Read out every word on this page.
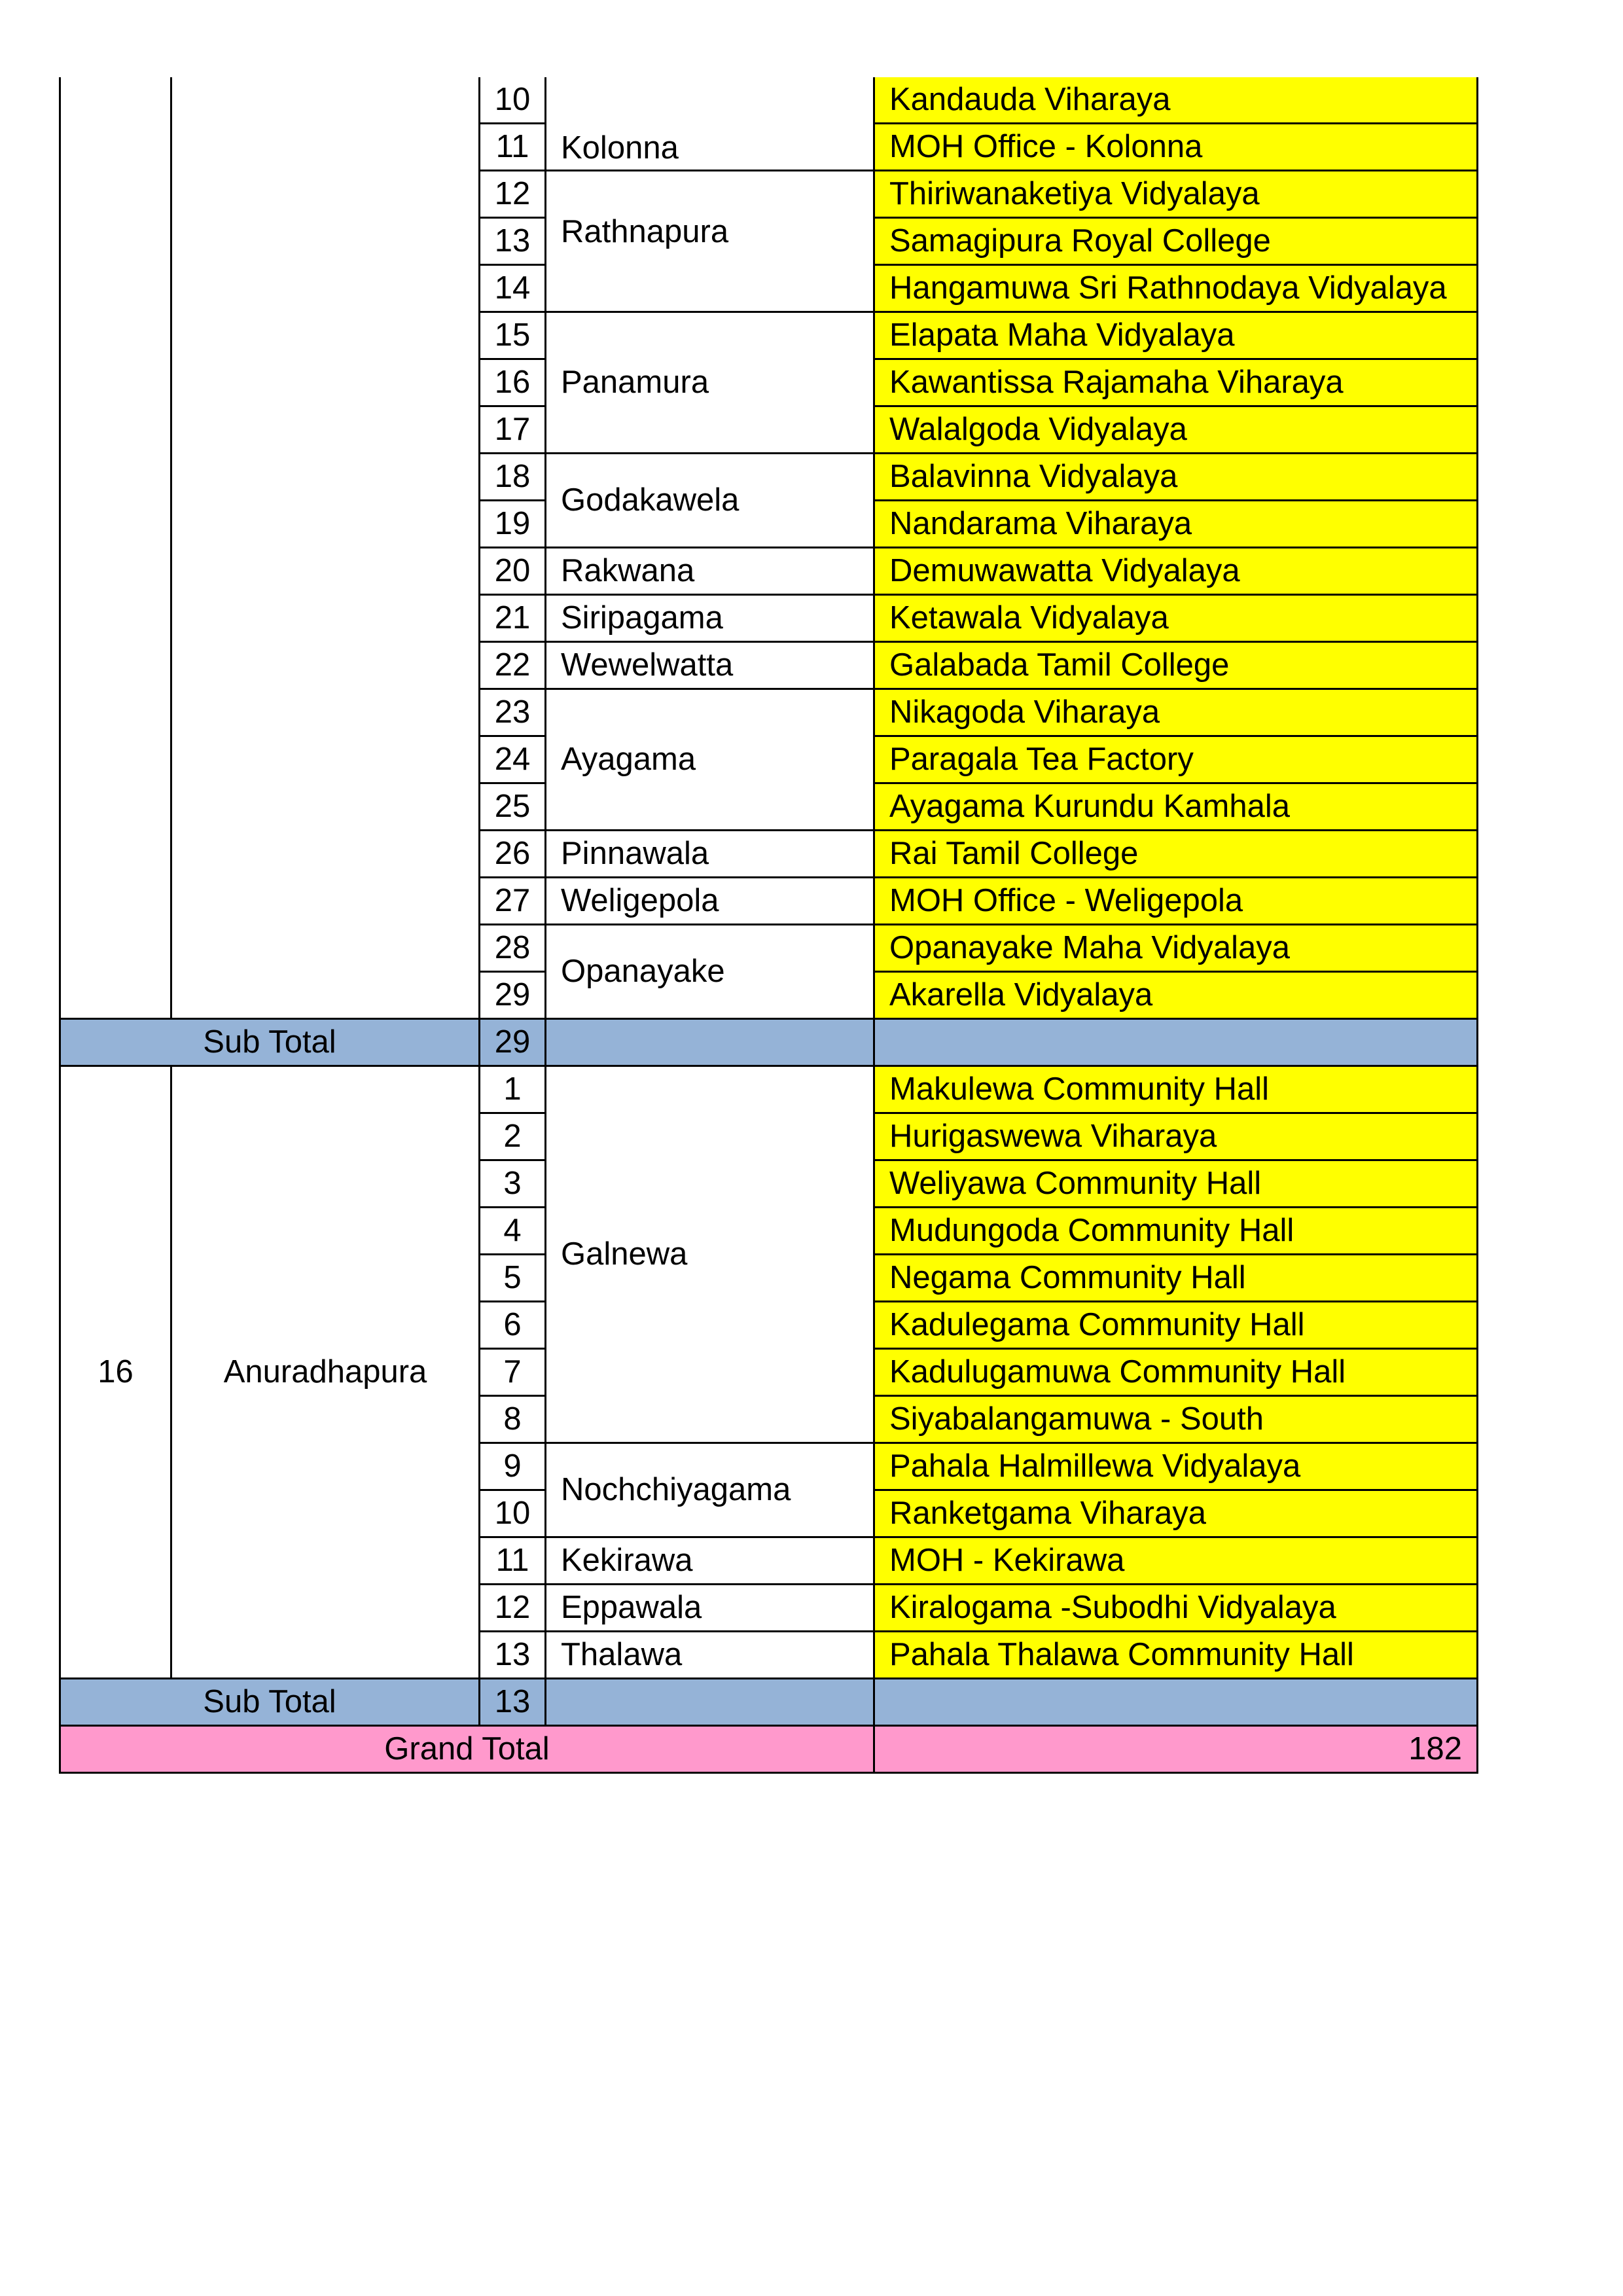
		10	Kolonna	Kandauda Viharaya
		11		MOH Office - Kolonna
		12	Rathnapura	Thiriwanaketiya Vidyalaya
		13		Samagipura Royal College
		14		Hangamuwa Sri Rathnodaya Vidyalaya
		15	Panamura	Elapata Maha Vidyalaya
		16		Kawantissa Rajamaha Viharaya
		17		Walalgoda Vidyalaya
		18	Godakawela	Balavinna Vidyalaya
		19		Nandarama Viharaya
		20	Rakwana	Demuwawatta Vidyalaya
		21	Siripagama	Ketawala Vidyalaya
		22	Wewelwatta	Galabada Tamil College
		23	Ayagama	Nikagoda Viharaya
		24		Paragala Tea Factory
		25		Ayagama Kurundu Kamhala
		26	Pinnawala	Rai Tamil College
		27	Weligepola	MOH Office - Weligepola
		28	Opanayake	Opanayake Maha Vidyalaya
		29		Akarella Vidyalaya
Sub Total		29		
16	Anuradhapura	1	Galnewa	Makulewa Community Hall
		2		Hurigaswewa Viharaya
		3		Weliyawa Community Hall
		4		Mudungoda Community Hall
		5		Negama Community Hall
		6		Kadulegama Community Hall
		7		Kadulugamuwa Community Hall
		8		Siyabalangamuwa - South
		9	Nochchiyagama	Pahala Halmillewa Vidyalaya
		10		Ranketgama Viharaya
		11	Kekirawa	MOH - Kekirawa
		12	Eppawala	Kiralogama -Subodhi Vidyalaya
		13	Thalawa	Pahala Thalawa Community Hall
Sub Total		13		
Grand Total				182
